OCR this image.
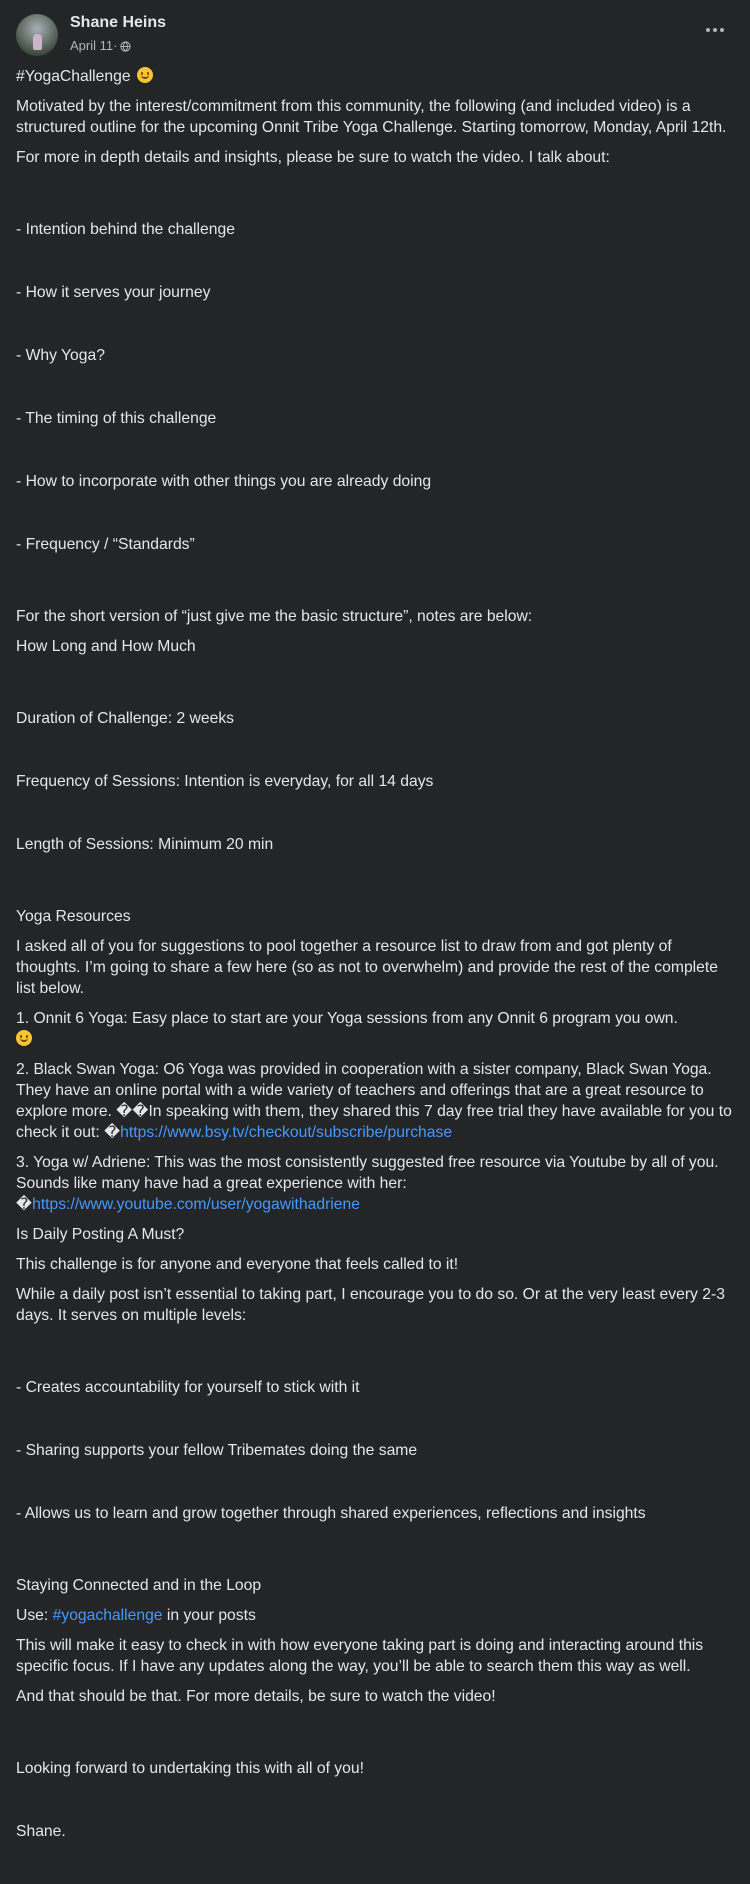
Shane Heins
April 11 ·

#YogaChallenge

Motivated by the interest/commitment from this community, the following (and included video) is a structured outline for the upcoming Onnit Tribe Yoga Challenge. Starting tomorrow, Monday, April 12th.

For more in depth details and insights, please be sure to watch the video. I talk about:

- Intention behind the challenge

- How it serves your journey

- Why Yoga?

- The timing of this challenge

- How to incorporate with other things you are already doing

- Frequency / “Standards”

For the short version of “just give me the basic structure”, notes are below:

How Long and How Much

Duration of Challenge: 2 weeks

Frequency of Sessions: Intention is everyday, for all 14 days

Length of Sessions: Minimum 20 min

Yoga Resources

I asked all of you for suggestions to pool together a resource list to draw from and got plenty of thoughts. I’m going to share a few here (so as not to overwhelm) and provide the rest of the complete list below.

1. Onnit 6 Yoga: Easy place to start are your Yoga sessions from any Onnit 6 program you own.

2. Black Swan Yoga: O6 Yoga was provided in cooperation with a sister company, Black Swan Yoga. They have an online portal with a wide variety of teachers and offerings that are a great resource to explore more. ��In speaking with them, they shared this 7 day free trial they have available for you to check it out: �https://www.bsy.tv/checkout/subscribe/purchase

3. Yoga w/ Adriene: This was the most consistently suggested free resource via Youtube by all of you. Sounds like many have had a great experience with her: �https://www.youtube.com/user/yogawithadriene

Is Daily Posting A Must?

This challenge is for anyone and everyone that feels called to it!

While a daily post isn’t essential to taking part, I encourage you to do so. Or at the very least every 2-3 days. It serves on multiple levels:

- Creates accountability for yourself to stick with it

- Sharing supports your fellow Tribemates doing the same

- Allows us to learn and grow together through shared experiences, reflections and insights

Staying Connected and in the Loop

Use: #yogachallenge in your posts

This will make it easy to check in with how everyone taking part is doing and interacting around this specific focus. If I have any updates along the way, you’ll be able to search them this way as well.

And that should be that. For more details, be sure to watch the video!

Looking forward to undertaking this with all of you!

Shane.
